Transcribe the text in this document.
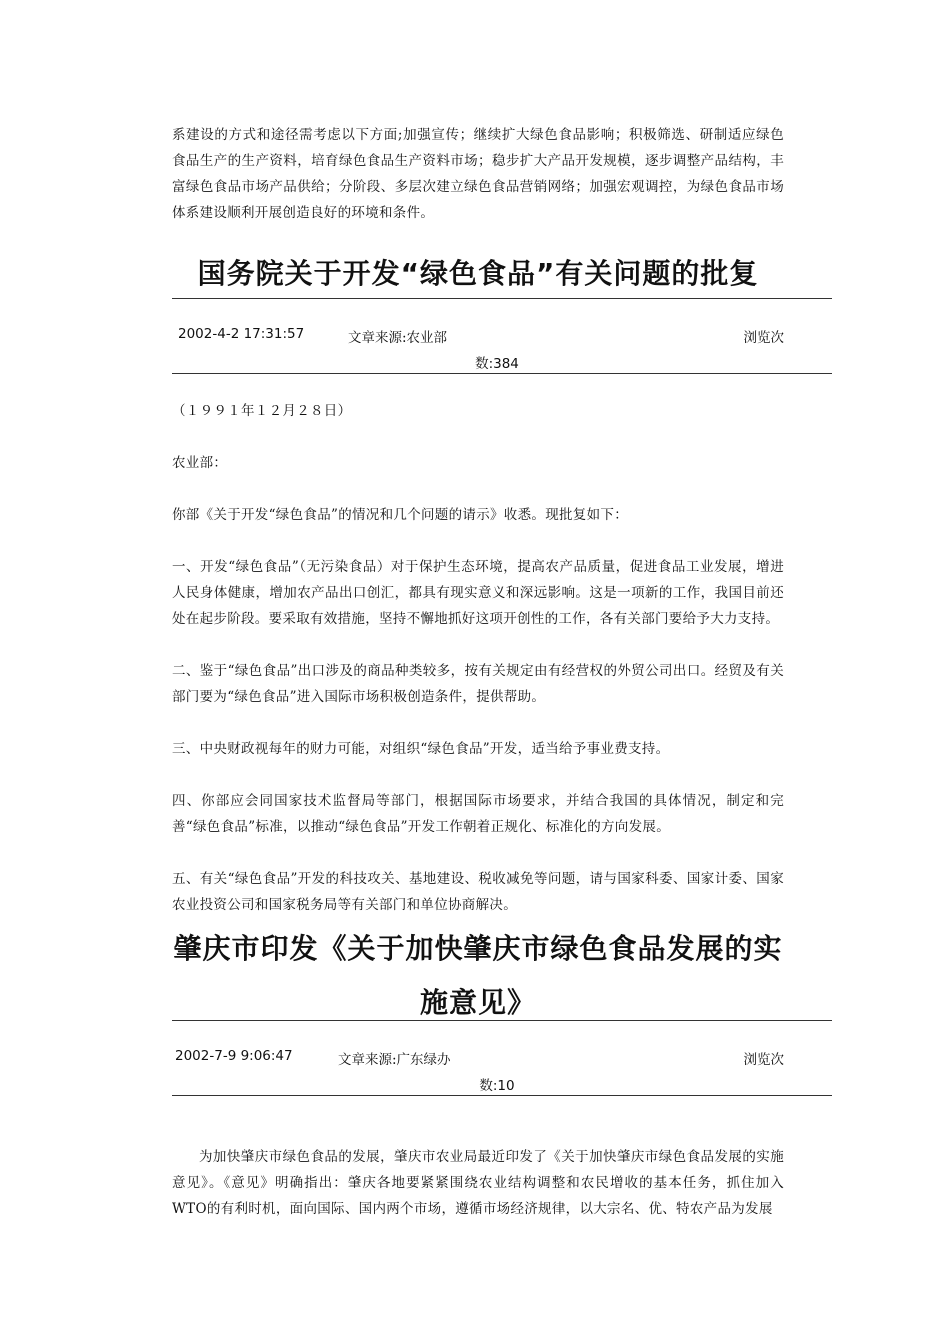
系建设的方式和途径需考虑以下方面;加强宣传；继续扩大绿色食品影响；积极筛选、研制适应绿色食品生产的生产资料，培育绿色食品生产资料市场；稳步扩大产品开发规模，逐步调整产品结构，丰富绿色食品市场产品供给；分阶段、多层次建立绿色食品营销网络；加强宏观调控，为绿色食品市场体系建设顺利开展创造良好的环境和条件。

国务院关于开发“绿色食品”有关问题的批复
2002-4-2 17:31:57	文章来源:农业部	浏览次
数:384

（１９９１年１２月２８日）

农业部：

你部《关于开发“绿色食品”的情况和几个问题的请示》收悉。现批复如下：

一、开发“绿色食品”（无污染食品）对于保护生态环境，提高农产品质量，促进食品工业发展，增进人民身体健康，增加农产品出口创汇，都具有现实意义和深远影响。这是一项新的工作，我国目前还处在起步阶段。要采取有效措施，坚持不懈地抓好这项开创性的工作，各有关部门要给予大力支持。

二、鉴于“绿色食品”出口涉及的商品种类较多，按有关规定由有经营权的外贸公司出口。经贸及有关部门要为“绿色食品”进入国际市场积极创造条件，提供帮助。

三、中央财政视每年的财力可能，对组织“绿色食品”开发，适当给予事业费支持。

四、你部应会同国家技术监督局等部门，根据国际市场要求，并结合我国的具体情况，制定和完善“绿色食品”标准，以推动“绿色食品”开发工作朝着正规化、标准化的方向发展。

五、有关“绿色食品”开发的科技攻关、基地建设、税收减免等问题，请与国家科委、国家计委、国家农业投资公司和国家税务局等有关部门和单位协商解决。

肇庆市印发《关于加快肇庆市绿色食品发展的实
施意见》
2002-7-9 9:06:47	文章来源:广东绿办	浏览次
数:10

为加快肇庆市绿色食品的发展，肇庆市农业局最近印发了《关于加快肇庆市绿色食品发展的实施意见》。《意见》明确指出：肇庆各地要紧紧围绕农业结构调整和农民增收的基本任务，抓住加入WTO的有利时机，面向国际、国内两个市场，遵循市场经济规律，以大宗名、优、特农产品为发展
